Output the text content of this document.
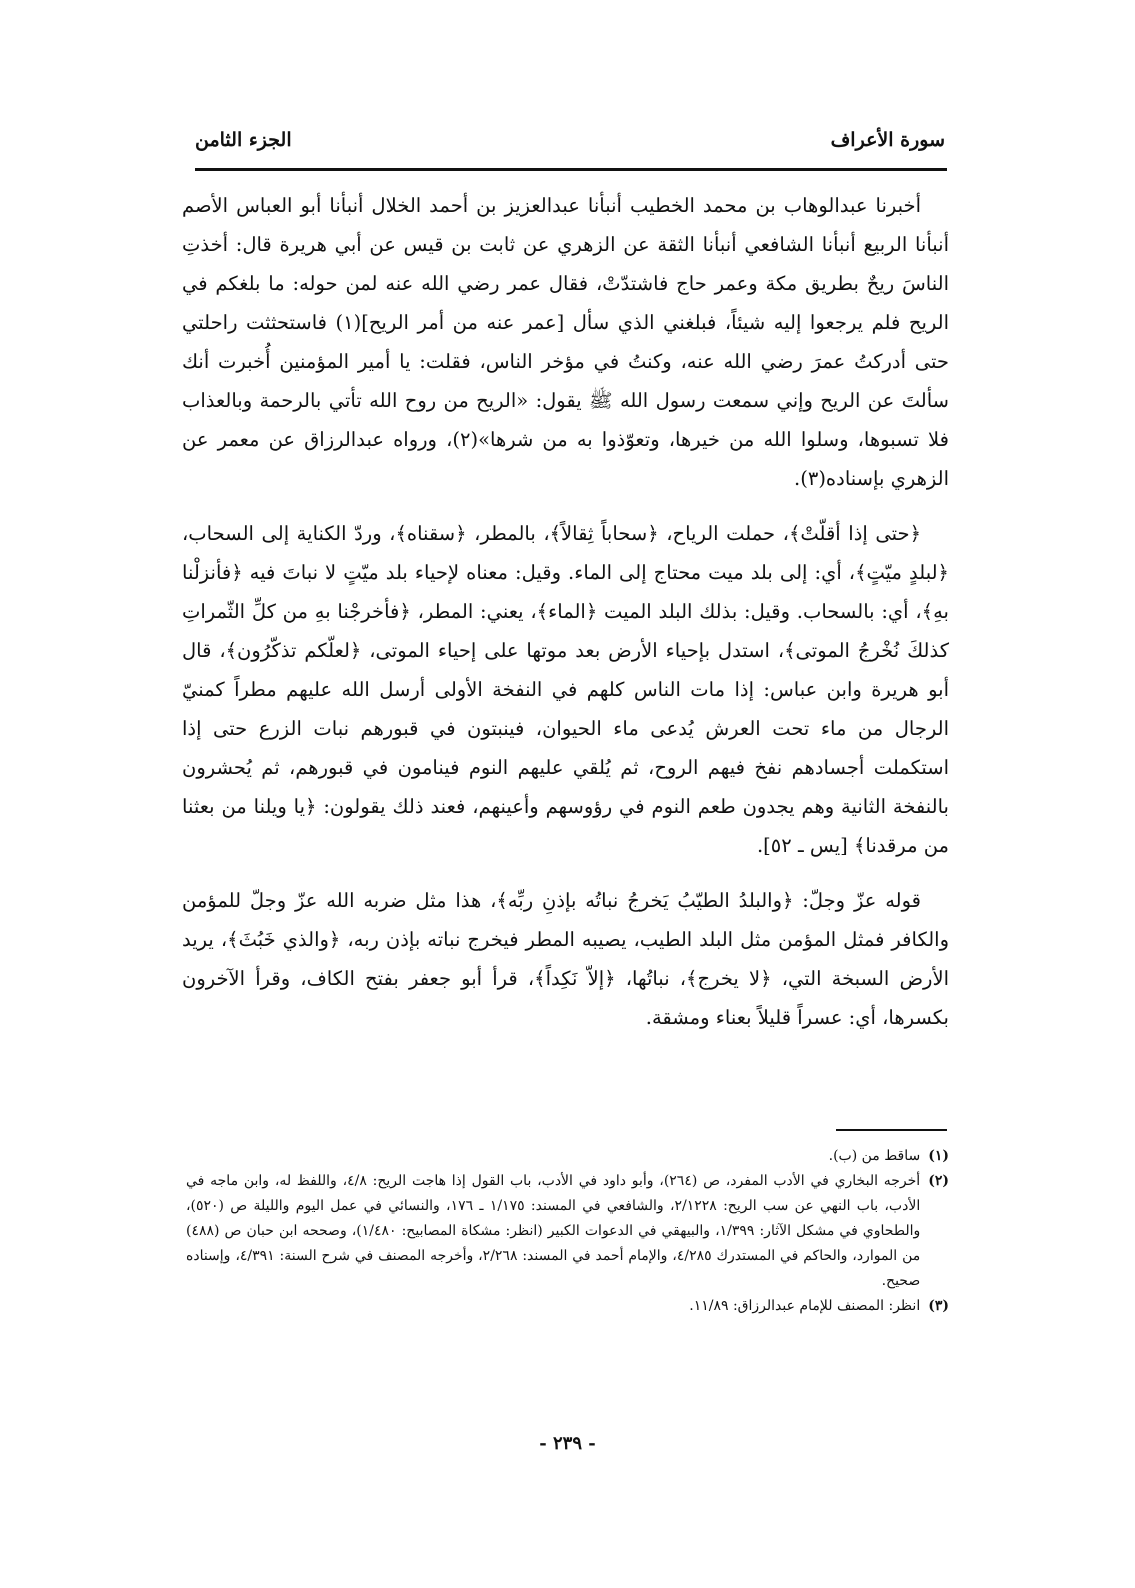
الجزء الثامن	سورة الأعراف

أخبرنا عبدالوهاب بن محمد الخطيب أنبأنا عبدالعزيز بن أحمد الخلال أنبأنا أبو العباس الأصم أنبأنا الربيع أنبأنا الشافعي أنبأنا الثقة عن الزهري عن ثابت بن قيس عن أبي هريرة قال: أخذتِ الناسَ ريحٌ بطريق مكة وعمر حاج فاشتدّتْ، فقال عمر رضي الله عنه لمن حوله: ما بلغكم في الريح فلم يرجعوا إليه شيئاً، فبلغني الذي سأل [عمر عنه من أمر الريح](١) فاستحثثت راحلتي حتى أدركتُ عمرَ رضي الله عنه، وكنتُ في مؤخر الناس، فقلت: يا أمير المؤمنين أُخبرت أنك سألتَ عن الريح وإني سمعت رسول الله ﷺ يقول: «الريح من روح الله تأتي بالرحمة وبالعذاب فلا تسبوها، وسلوا الله من خيرها، وتعوّذوا به من شرها»(٢)، ورواه عبدالرزاق عن معمر عن الزهري بإسناده(٣).

﴿حتى إذا أقلّتْ﴾، حملت الرياح، ﴿سحاباً ثِقالاً﴾، بالمطر، ﴿سقناه﴾، وردّ الكناية إلى السحاب، ﴿لبلدٍ ميّتٍ﴾، أي: إلى بلد ميت محتاج إلى الماء. وقيل: معناه لإحياء بلد ميّتٍ لا نباتَ فيه ﴿فأنزلْنا بهِ﴾، أي: بالسحاب. وقيل: بذلك البلد الميت ﴿الماء﴾، يعني: المطر، ﴿فأخرجْنا بهِ من كلِّ الثّمراتِ كذلكَ نُخْرجُ الموتى﴾، استدل بإحياء الأرض بعد موتها على إحياء الموتى، ﴿لعلّكم تذكّرُون﴾، قال أبو هريرة وابن عباس: إذا مات الناس كلهم في النفخة الأولى أرسل الله عليهم مطراً كمنيّ الرجال من ماء تحت العرش يُدعى ماء الحيوان، فينبتون في قبورهم نبات الزرع حتى إذا استكملت أجسادهم نفخ فيهم الروح، ثم يُلقي عليهم النوم فينامون في قبورهم، ثم يُحشرون بالنفخة الثانية وهم يجدون طعم النوم في رؤوسهم وأعينهم، فعند ذلك يقولون: ﴿يا ويلنا من بعثنا من مرقدنا﴾ [يس ـ ٥٢].

قوله عزّ وجلّ: ﴿والبلدُ الطيّبُ يَخرجُ نباتُه بإذنِ ربِّه﴾، هذا مثل ضربه الله عزّ وجلّ للمؤمن والكافر فمثل المؤمن مثل البلد الطيب، يصيبه المطر فيخرج نباته بإذن ربه، ﴿والذي خَبُثَ﴾، يريد الأرض السبخة التي، ﴿لا يخرج﴾، نباتُها، ﴿إلاّ نَكِداً﴾، قرأ أبو جعفر بفتح الكاف، وقرأ الآخرون بكسرها، أي: عسراً قليلاً بعناء ومشقة.

(١)
ساقط من (ب).
(٢)
أخرجه البخاري في الأدب المفرد، ص (٢٦٤)، وأبو داود في الأدب، باب القول إذا هاجت الريح: ٤/٨، واللفظ له، وابن ماجه في الأدب، باب النهي عن سب الريح: ٢/١٢٢٨، والشافعي في المسند: ١/١٧٥ ـ ١٧٦، والنسائي في عمل اليوم والليلة ص (٥٢٠)، والطحاوي في مشكل الآثار: ١/٣٩٩، والبيهقي في الدعوات الكبير (انظر: مشكاة المصابيح: ١/٤٨٠)، وصححه ابن حبان ص (٤٨٨) من الموارد، والحاكم في المستدرك ٤/٢٨٥، والإمام أحمد في المسند: ٢/٢٦٨، وأخرجه المصنف في شرح السنة: ٤/٣٩١، وإسناده صحيح.
(٣)
انظر: المصنف للإمام عبدالرزاق: ١١/٨٩.
- ٢٣٩ -
